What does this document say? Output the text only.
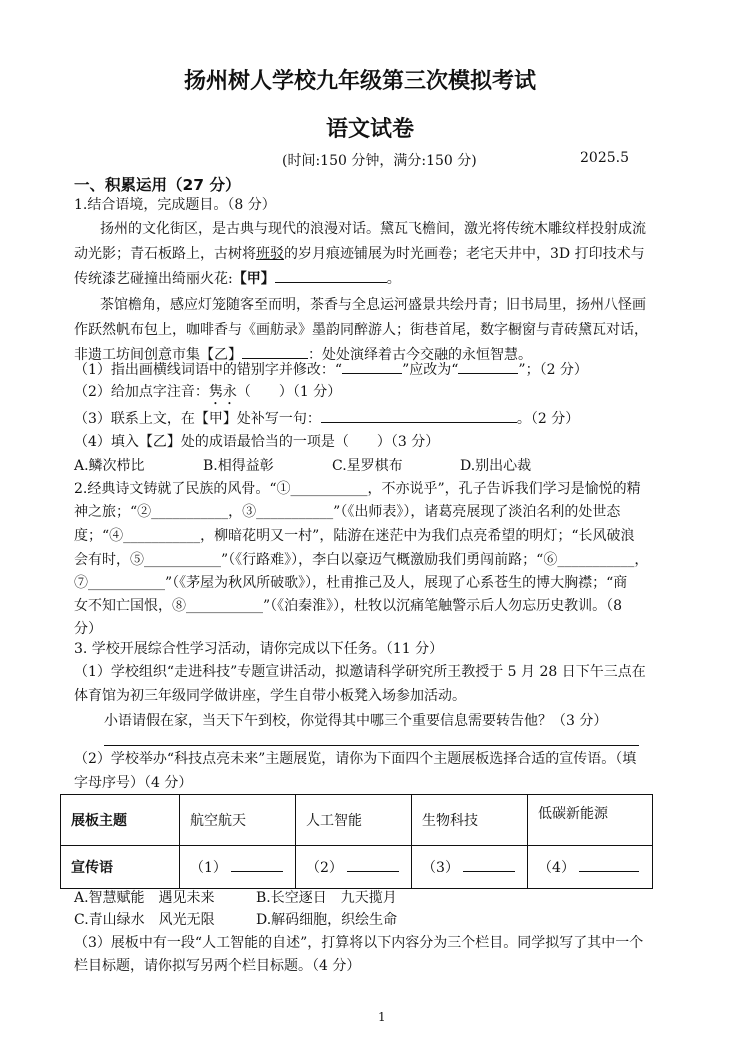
扬州树人学校九年级第三次模拟考试
语文试卷
(时间:150 分钟，满分:150 分)	2025.5
一、积累运用（27 分）
1.结合语境，完成题目。（8 分）
扬州的文化街区，是古典与现代的浪漫对话。黛瓦飞檐间，激光将传统木雕纹样投射成流
动光影；青石板路上，古树将班驳的岁月痕迹铺展为时光画卷；老宅天井中，3D 打印技术与
传统漆艺碰撞出绮丽火花:【甲】	。
茶馆檐角，感应灯笼随客至而明，茶香与全息运河盛景共绘丹青；旧书局里，扬州八怪画
作跃然帆布包上，咖啡香与《画舫录》墨韵同醉游人；街巷首尾，数字橱窗与青砖黛瓦对话，
非遗工坊间创意市集【乙】	：处处演绎着古今交融的永恒智慧。
（1）指出画横线词语中的错别字并修改：“	”应改为“	”；（2 分）
（2）给加点字注音：隽永（　　）（1 分）
（3）联系上文，在【甲】处补写一句：	。（2 分）
（4）填入【乙】处的成语最恰当的一项是（　　）（3 分）
A.鳞次栉比	B.相得益彰	C.星罗棋布	D.别出心裁
2.经典诗文铸就了民族的风骨。“①___________，不亦说乎”，孔子告诉我们学习是愉悦的精
神之旅；“②___________，③___________”（《出师表》），诸葛亮展现了淡泊名利的处世态
度；“④___________，柳暗花明又一村”，陆游在迷茫中为我们点亮希望的明灯；“长风破浪
会有时，⑤___________”（《行路难》），李白以豪迈气概激励我们勇闯前路；“⑥___________，
⑦___________”（《茅屋为秋风所破歌》），杜甫推己及人，展现了心系苍生的博大胸襟；“商
女不知亡国恨，⑧___________”（《泊秦淮》），杜牧以沉痛笔触警示后人勿忘历史教训。（8
分）
3. 学校开展综合性学习活动，请你完成以下任务。（11 分）
（1）学校组织“走进科技”专题宣讲活动，拟邀请科学研究所王教授于 5 月 28 日下午三点在
体育馆为初三年级同学做讲座，学生自带小板凳入场参加活动。
小语请假在家，当天下午到校，你觉得其中哪三个重要信息需要转告他？（3 分）
（2）学校举办“科技点亮未来”主题展览，请你为下面四个主题展板选择合适的宣传语。（填
字母序号）（4 分）
展板主题	航空航天	人工智能	生物科技	低碳新能源
宣传语	（1）	（2）	（3）	（4）
A.智慧赋能　遇见未来	B.长空逐日　九天揽月
C.青山绿水　风光无限	D.解码细胞，织绘生命
（3）展板中有一段“人工智能的自述”，打算将以下内容分为三个栏目。同学拟写了其中一个
栏目标题，请你拟写另两个栏目标题。（4 分）
1
